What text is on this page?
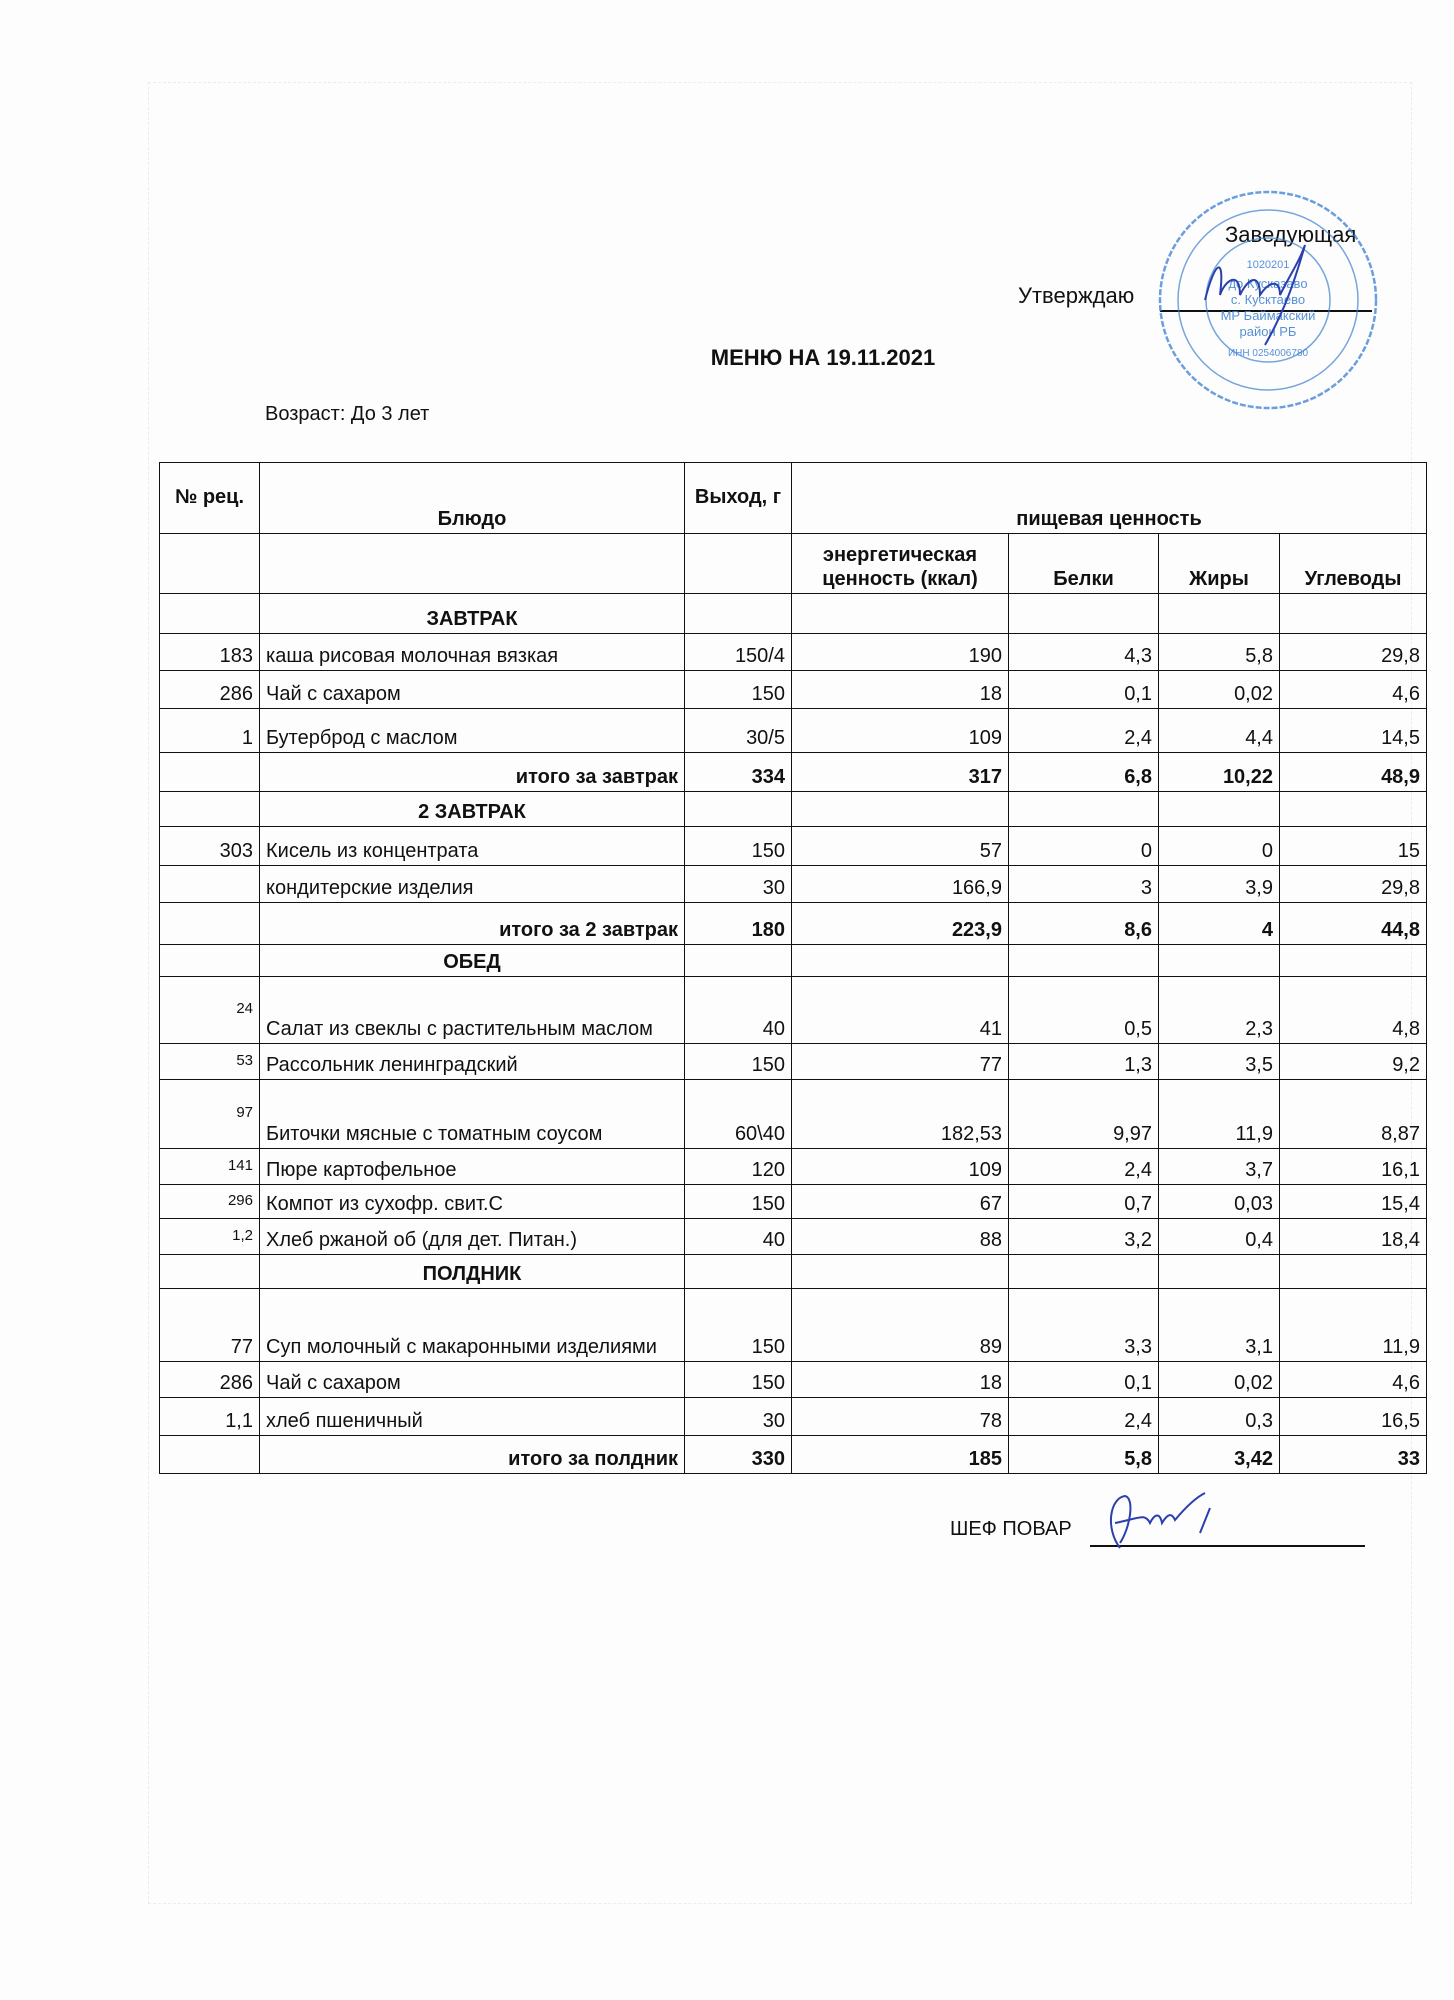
Заведующая
Утверждаю
1020201
до Кусказаво
с. Кусктаево
МР Баймакский
район РБ
ИНН 0254006780
МЕНЮ НА 19.11.2021
Возраст: До 3 лет
№ рец.	Блюдо	Выход, г	пищевая ценность			
			энергетическая ценность (ккал)	Белки	Жиры	Углеводы
	ЗАВТРАК					
183	каша рисовая молочная вязкая	150/4	190	4,3	5,8	29,8
286	Чай с сахаром	150	18	0,1	0,02	4,6
1	Бутерброд с маслом	30/5	109	2,4	4,4	14,5
	итого за завтрак	334	317	6,8	10,22	48,9
	2 ЗАВТРАК					
303	Кисель из концентрата	150	57	0	0	15
	кондитерские изделия	30	166,9	3	3,9	29,8
	итого за 2 завтрак	180	223,9	8,6	4	44,8
	ОБЕД					
24	Салат из свеклы с растительным маслом	40	41	0,5	2,3	4,8
53	Рассольник ленинградский	150	77	1,3	3,5	9,2
97	Биточки мясные с томатным соусом	60\40	182,53	9,97	11,9	8,87
141	Пюре картофельное	120	109	2,4	3,7	16,1
296	Компот из сухофр. свит.С	150	67	0,7	0,03	15,4
1,2	Хлеб ржаной об (для дет. Питан.)	40	88	3,2	0,4	18,4
	ПОЛДНИК					
77	Суп молочный с макаронными изделиями	150	89	3,3	3,1	11,9
286	Чай с сахаром	150	18	0,1	0,02	4,6
1,1	хлеб пшеничный	30	78	2,4	0,3	16,5
	итого за полдник	330	185	5,8	3,42	33
ШЕФ ПОВАР
